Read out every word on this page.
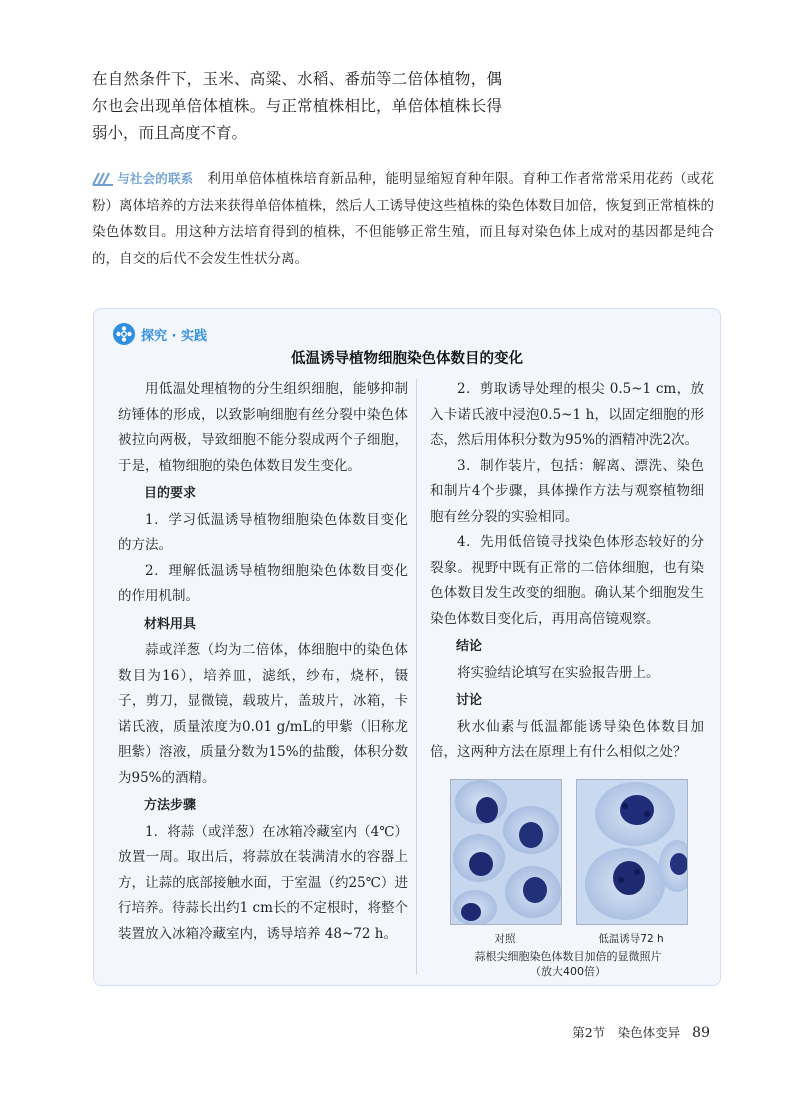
在自然条件下，玉米、高粱、水稻、番茄等二倍体植物，偶尔也会出现单倍体植株。与正常植株相比，单倍体植株长得弱小，而且高度不育。

与社会的联系 利用单倍体植株培育新品种，能明显缩短育种年限。育种工作者常常采用花药（或花粉）离体培养的方法来获得单倍体植株，然后人工诱导使这些植株的染色体数目加倍，恢复到正常植株的染色体数目。用这种方法培育得到的植株，不但能够正常生殖，而且每对染色体上成对的基因都是纯合的，自交的后代不会发生性状分离。

探究 · 实践
低温诱导植物细胞染色体数目的变化

用低温处理植物的分生组织细胞，能够抑制纺锤体的形成，以致影响细胞有丝分裂中染色体被拉向两极，导致细胞不能分裂成两个子细胞，于是，植物细胞的染色体数目发生变化。

目的要求

1．学习低温诱导植物细胞染色体数目变化的方法。

2．理解低温诱导植物细胞染色体数目变化的作用机制。

材料用具

蒜或洋葱（均为二倍体，体细胞中的染色体数目为16），培养皿，滤纸，纱布，烧杯，镊子，剪刀，显微镜，载玻片，盖玻片，冰箱，卡诺氏液，质量浓度为0.01 g/mL的甲紫（旧称龙胆紫）溶液，质量分数为15%的盐酸，体积分数为95%的酒精。

方法步骤

1．将蒜（或洋葱）在冰箱冷藏室内（4℃）放置一周。取出后，将蒜放在装满清水的容器上方，让蒜的底部接触水面，于室温（约25℃）进行培养。待蒜长出约1 cm长的不定根时，将整个装置放入冰箱冷藏室内，诱导培养 48~72 h。

2．剪取诱导处理的根尖 0.5~1 cm，放入卡诺氏液中浸泡0.5~1 h，以固定细胞的形态，然后用体积分数为95%的酒精冲洗2次。

3．制作装片，包括：解离、漂洗、染色和制片4个步骤，具体操作方法与观察植物细胞有丝分裂的实验相同。

4．先用低倍镜寻找染色体形态较好的分裂象。视野中既有正常的二倍体细胞，也有染色体数目发生改变的细胞。确认某个细胞发生染色体数目变化后，再用高倍镜观察。

结论

将实验结论填写在实验报告册上。

讨论

秋水仙素与低温都能诱导染色体数目加倍，这两种方法在原理上有什么相似之处？

对照	低温诱导72 h
蒜根尖细胞染色体数目加倍的显微照片
（放大400倍）
第2节　染色体变异 89
